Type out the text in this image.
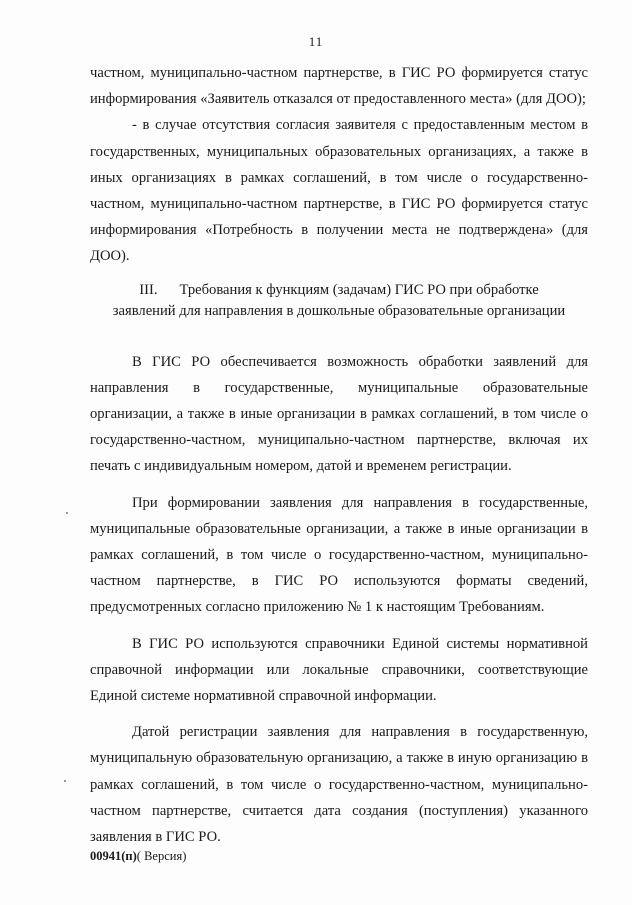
11

частном, муниципально-частном партнерстве, в ГИС РО формируется статус информирования «Заявитель отказался от предоставленного места» (для ДОО);

- в случае отсутствия согласия заявителя с предоставленным местом в государственных, муниципальных образовательных организациях, а также в иных организациях в рамках соглашений, в том числе о государственно-частном, муниципально-частном партнерстве, в ГИС РО формируется статус информирования «Потребность в получении места не подтверждена» (для ДОО).

III. Требования к функциям (задачам) ГИС РО при обработке
заявлений для направления в дошкольные образовательные организации

В ГИС РО обеспечивается возможность обработки заявлений для направления в государственные, муниципальные образовательные организации, а также в иные организации в рамках соглашений, в том числе о государственно-частном, муниципально-частном партнерстве, включая их печать с индивидуальным номером, датой и временем регистрации.

При формировании заявления для направления в государственные, муниципальные образовательные организации, а также в иные организации в рамках соглашений, в том числе о государственно-частном, муниципально-частном партнерстве, в ГИС РО используются форматы сведений, предусмотренных согласно приложению № 1 к настоящим Требованиям.

В ГИС РО используются справочники Единой системы нормативной справочной информации или локальные справочники, соответствующие Единой системе нормативной справочной информации.

Датой регистрации заявления для направления в государственную, муниципальную образовательную организацию, а также в иную организацию в рамках соглашений, в том числе о государственно-частном, муниципально-частном партнерстве, считается дата создания (поступления) указанного заявления в ГИС РО.

00941(п)( Версия)
